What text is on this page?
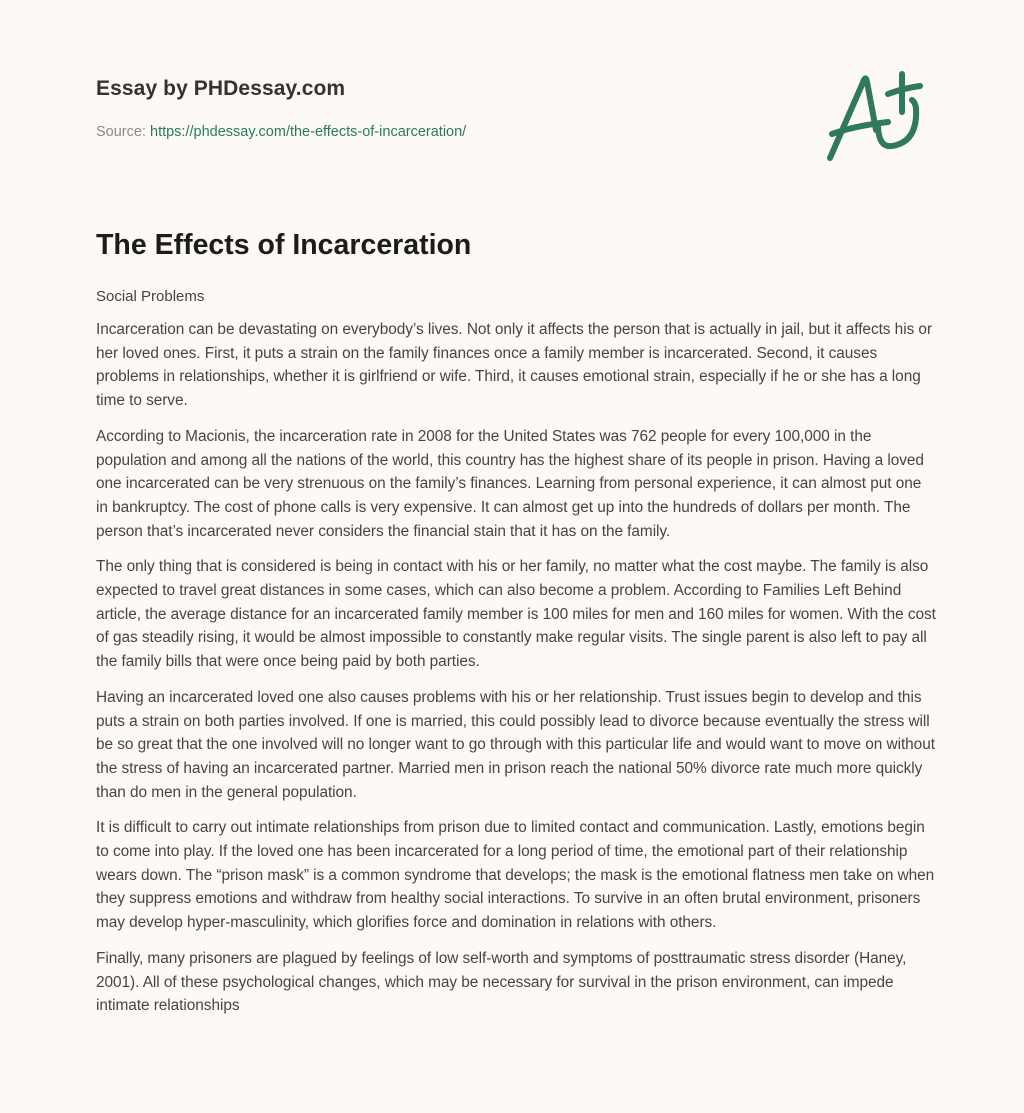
Essay by PHDessay.com
Source: https://phdessay.com/the-effects-of-incarceration/
The Effects of Incarceration
Social Problems

Incarceration can be devastating on everybody’s lives. Not only it affects the person that is actually in jail, but it affects his or her loved ones. First, it puts a strain on the family finances once a family member is incarcerated. Second, it causes problems in relationships, whether it is girlfriend or wife. Third, it causes emotional strain, especially if he or she has a long time to serve.

According to Macionis, the incarceration rate in 2008 for the United States was 762 people for every 100,000 in the population and among all the nations of the world, this country has the highest share of its people in prison. Having a loved one incarcerated can be very strenuous on the family’s finances. Learning from personal experience, it can almost put one in bankruptcy. The cost of phone calls is very expensive. It can almost get up into the hundreds of dollars per month. The person that’s incarcerated never considers the financial stain that it has on the family.

The only thing that is considered is being in contact with his or her family, no matter what the cost maybe. The family is also expected to travel great distances in some cases, which can also become a problem. According to Families Left Behind article, the average distance for an incarcerated family member is 100 miles for men and 160 miles for women. With the cost of gas steadily rising, it would be almost impossible to constantly make regular visits. The single parent is also left to pay all the family bills that were once being paid by both parties.

Having an incarcerated loved one also causes problems with his or her relationship. Trust issues begin to develop and this puts a strain on both parties involved. If one is married, this could possibly lead to divorce because eventually the stress will be so great that the one involved will no longer want to go through with this particular life and would want to move on without the stress of having an incarcerated partner. Married men in prison reach the national 50% divorce rate much more quickly than do men in the general population.

It is difficult to carry out intimate relationships from prison due to limited contact and communication. Lastly, emotions begin to come into play. If the loved one has been incarcerated for a long period of time, the emotional part of their relationship wears down. The “prison mask” is a common syndrome that develops; the mask is the emotional flatness men take on when they suppress emotions and withdraw from healthy social interactions. To survive in an often brutal environment, prisoners may develop hyper-masculinity, which glorifies force and domination in relations with others.

Finally, many prisoners are plagued by feelings of low self-worth and symptoms of posttraumatic stress disorder (Haney, 2001). All of these psychological changes, which may be necessary for survival in the prison environment, can impede intimate relationships
